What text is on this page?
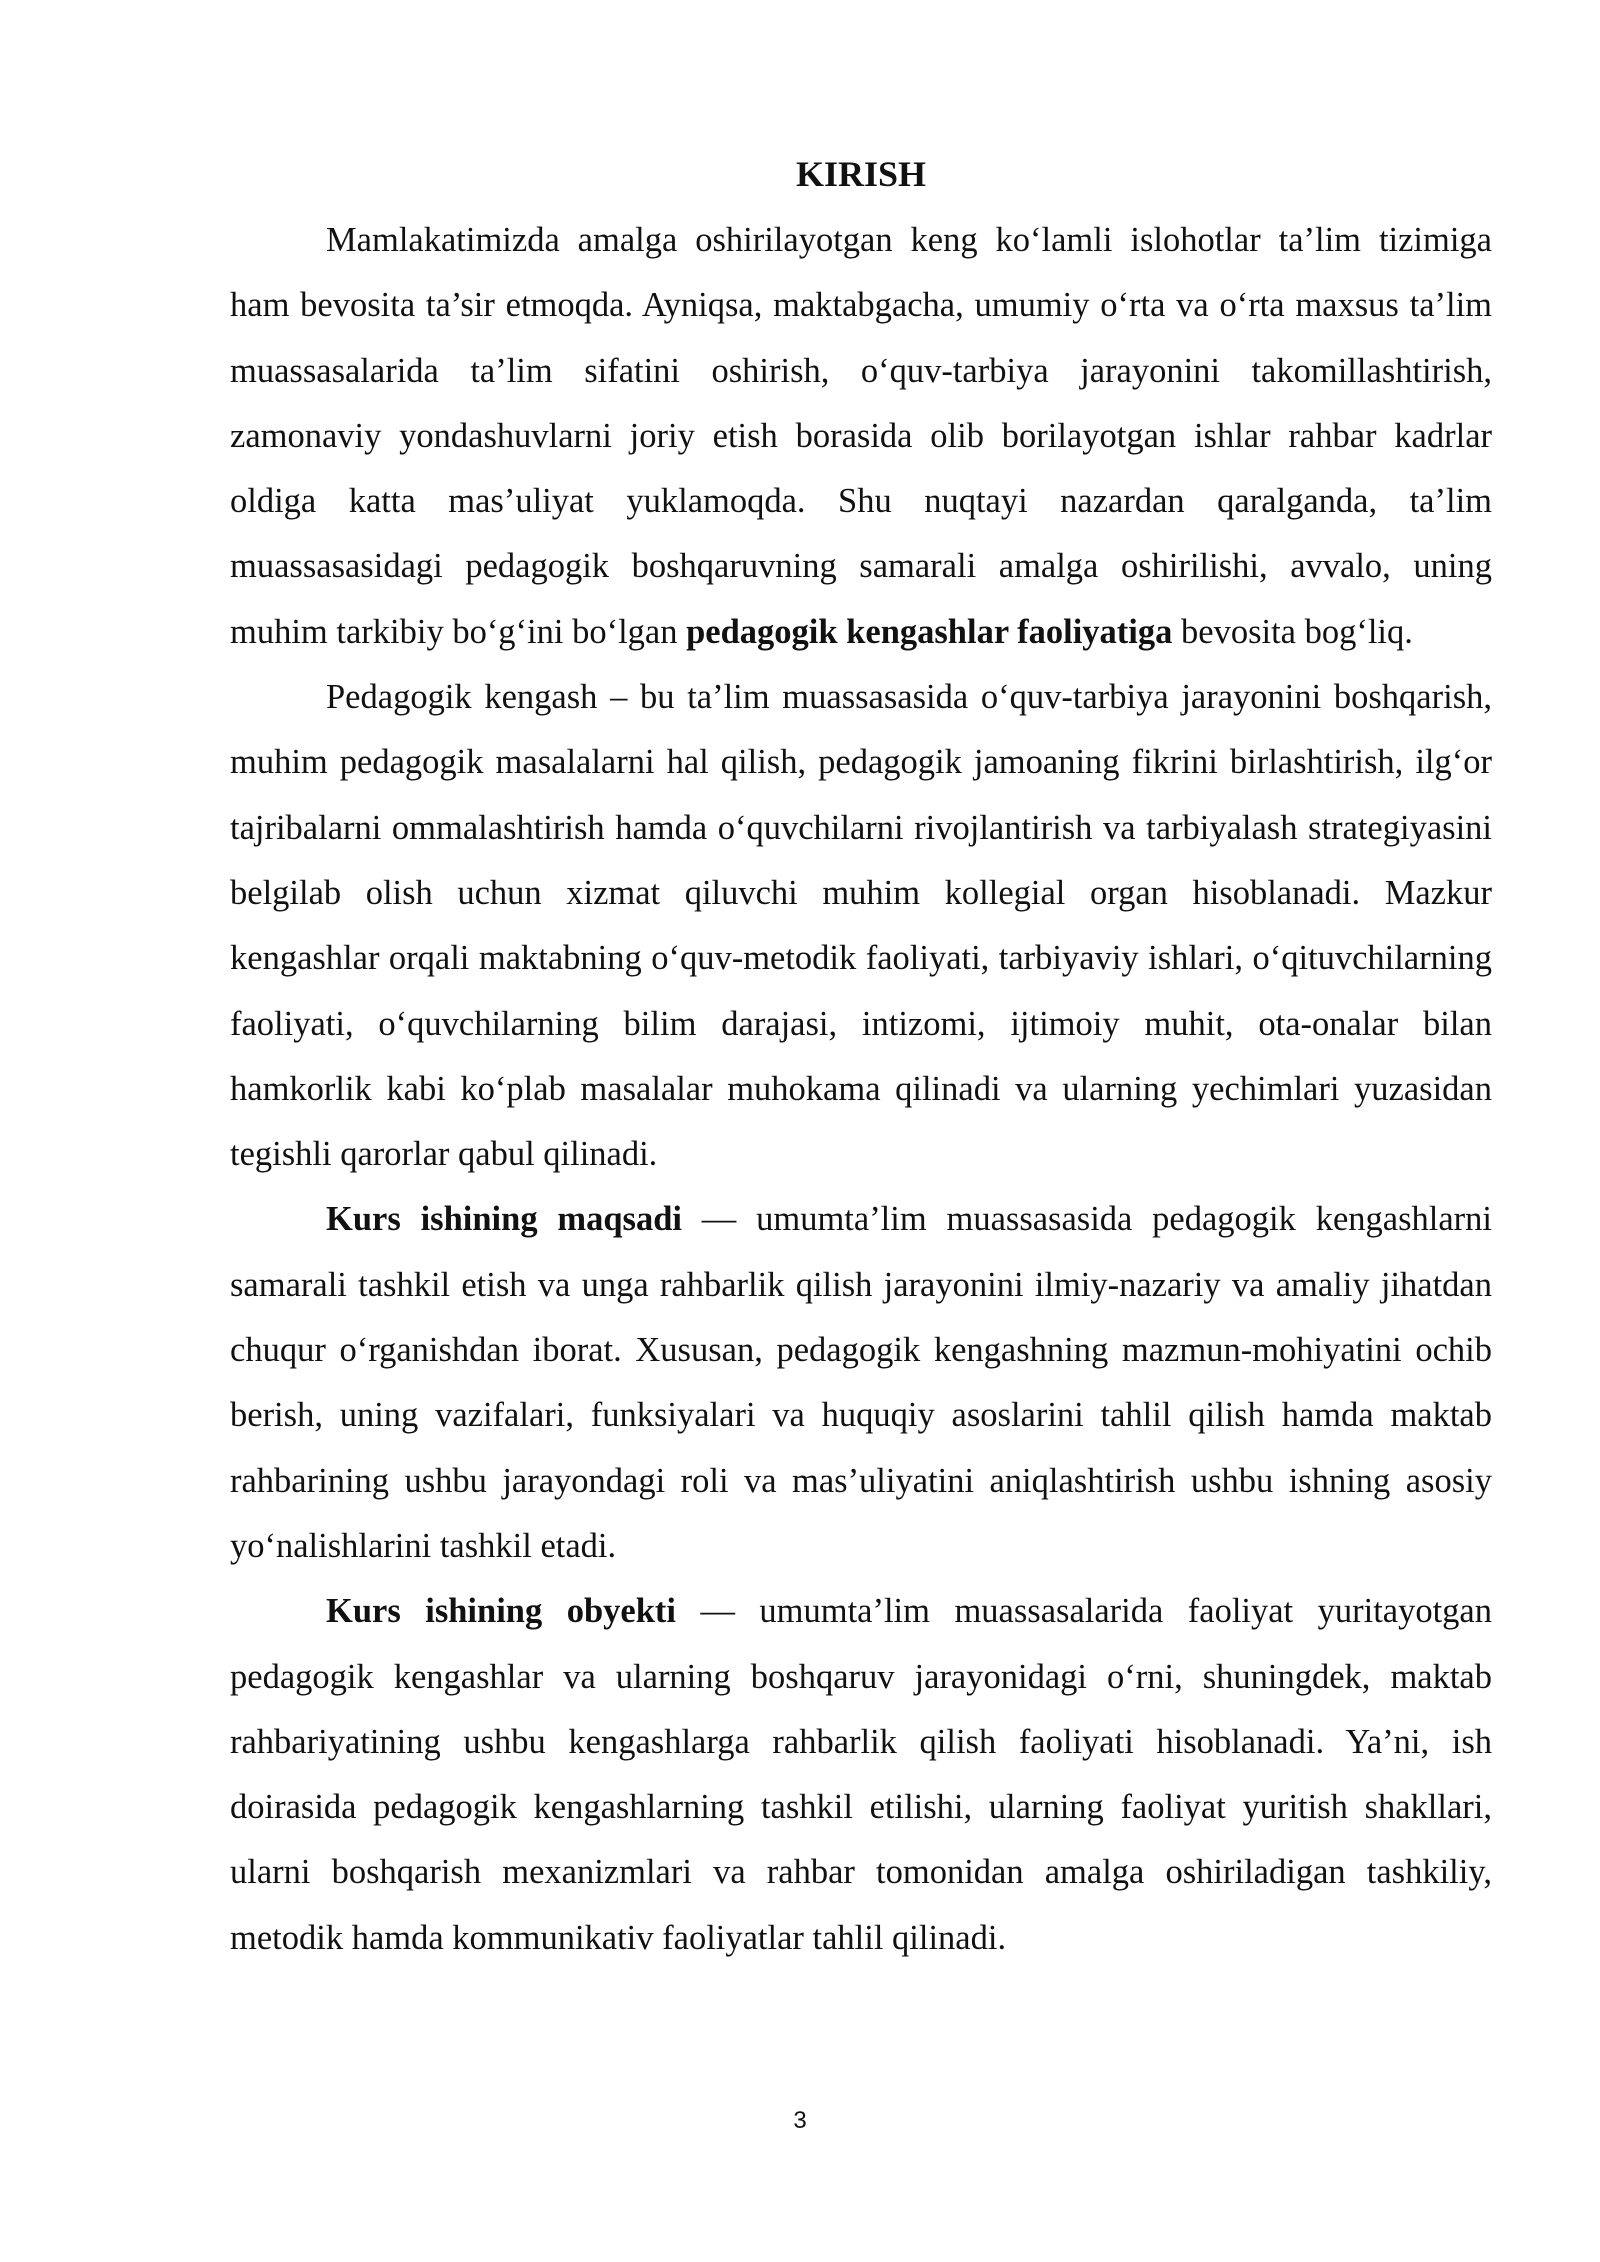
KIRISH

Mamlakatimizda amalga oshirilayotgan keng ko‘lamli islohotlar ta’lim tizimiga ham bevosita ta’sir etmoqda. Ayniqsa, maktabgacha, umumiy o‘rta va o‘rta maxsus ta’lim muassasalarida ta’lim sifatini oshirish, o‘quv-tarbiya jarayonini takomillashtirish, zamonaviy yondashuvlarni joriy etish borasida olib borilayotgan ishlar rahbar kadrlar oldiga katta mas’uliyat yuklamoqda. Shu nuqtayi nazardan qaralganda, ta’lim muassasasidagi pedagogik boshqaruvning samarali amalga oshirilishi, avvalo, uning muhim tarkibiy bo‘g‘ini bo‘lgan pedagogik kengashlar faoliyatiga bevosita bog‘liq.

Pedagogik kengash – bu ta’lim muassasasida o‘quv-tarbiya jarayonini boshqarish, muhim pedagogik masalalarni hal qilish, pedagogik jamoaning fikrini birlashtirish, ilg‘or tajribalarni ommalashtirish hamda o‘quvchilarni rivojlantirish va tarbiyalash strategiyasini belgilab olish uchun xizmat qiluvchi muhim kollegial organ hisoblanadi. Mazkur kengashlar orqali maktabning o‘quv-metodik faoliyati, tarbiyaviy ishlari, o‘qituvchilarning faoliyati, o‘quvchilarning bilim darajasi, intizomi, ijtimoiy muhit, ota-onalar bilan hamkorlik kabi ko‘plab masalalar muhokama qilinadi va ularning yechimlari yuzasidan tegishli qarorlar qabul qilinadi.

Kurs ishining maqsadi — umumta’lim muassasasida pedagogik kengashlarni samarali tashkil etish va unga rahbarlik qilish jarayonini ilmiy-nazariy va amaliy jihatdan chuqur o‘rganishdan iborat. Xususan, pedagogik kengashning mazmun-mohiyatini ochib berish, uning vazifalari, funksiyalari va huquqiy asoslarini tahlil qilish hamda maktab rahbarining ushbu jarayondagi roli va mas’uliyatini aniqlashtirish ushbu ishning asosiy yo‘nalishlarini tashkil etadi.

Kurs ishining obyekti — umumta’lim muassasalarida faoliyat yuritayotgan pedagogik kengashlar va ularning boshqaruv jarayonidagi o‘rni, shuningdek, maktab rahbariyatining ushbu kengashlarga rahbarlik qilish faoliyati hisoblanadi. Ya’ni, ish doirasida pedagogik kengashlarning tashkil etilishi, ularning faoliyat yuritish shakllari, ularni boshqarish mexanizmlari va rahbar tomonidan amalga oshiriladigan tashkiliy, metodik hamda kommunikativ faoliyatlar tahlil qilinadi.

3
